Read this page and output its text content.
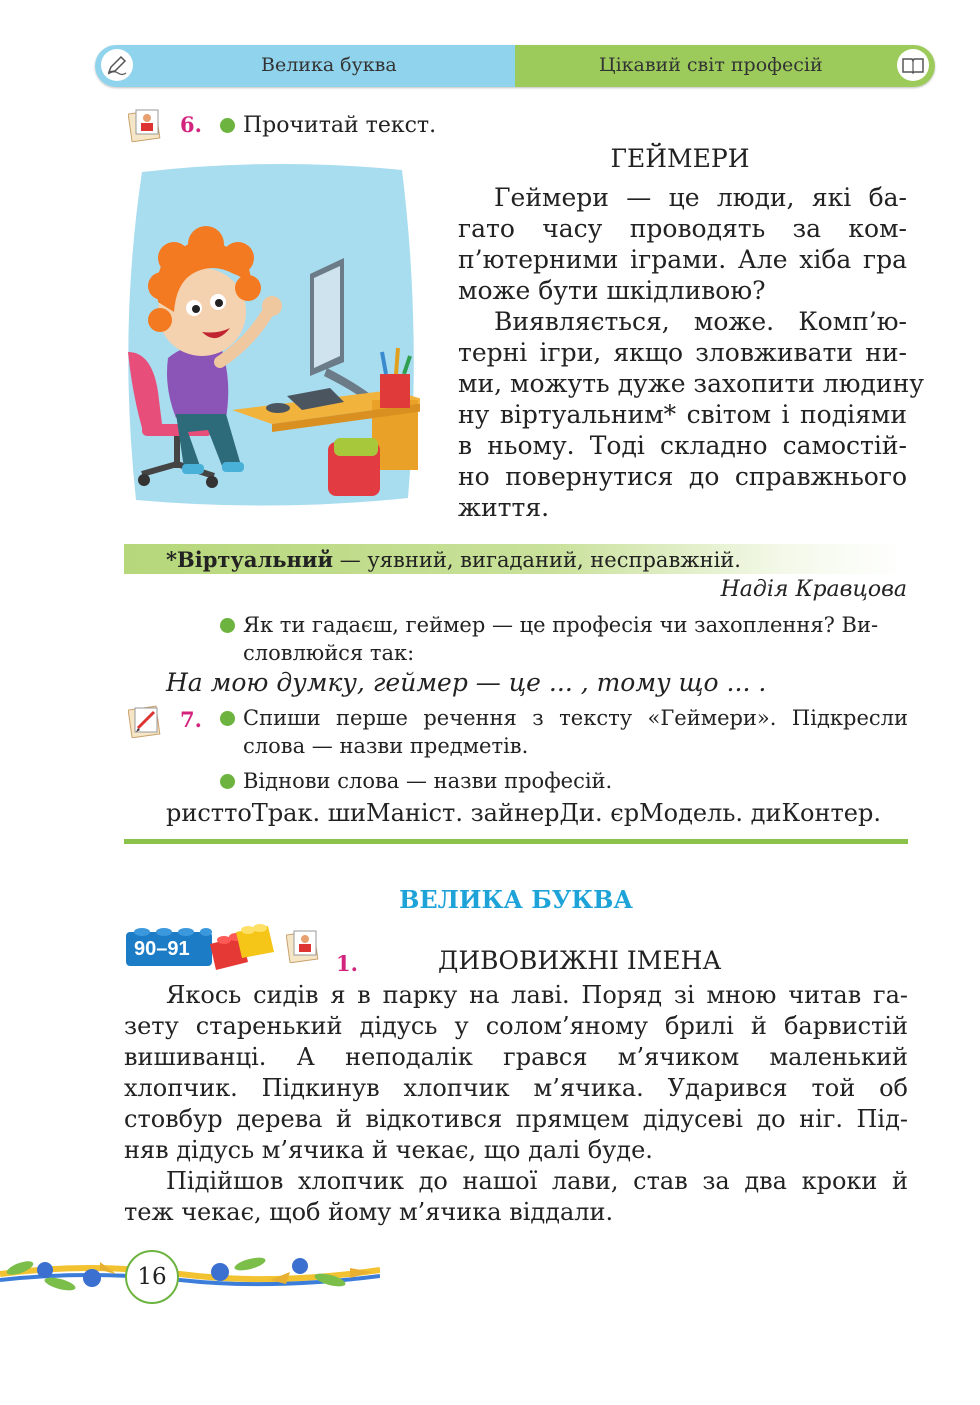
Велика буква	Цікавий світ професій
6.	Прочитай текст.
ГЕЙМЕРИ
Геймери — це люди, які ба-
гато часу проводять за ком-
п’ютерними іграми. Але хіба гра
може бути шкідливою?
Виявляється, може. Комп’ю-
терні ігри, якщо зловживати ни-
ми, можуть дуже захопити людину
ну віртуальним* світом і подіями
в ньому. Тоді складно самостій-
но повернутися до справжнього
життя.
*Віртуальний — уявний, вигаданий, несправжній.
Надія Кравцова
Як ти гадаєш, геймер — це професія чи захоплення? Ви-
словлюйся так:
На мою думку, геймер — це ... , тому що ... .
7.	Спиши перше речення з тексту «Геймери». Підкресли
слова — назви предметів.
Віднови слова — назви професій.
ристтоТрак. шиМаніст. зайнерДи. єрМодель. диКонтер.
ВЕЛИКА БУКВА
90–91
1.	ДИВОВИЖНІ ІМЕНА
Якось сидів я в парку на лаві. Поряд зі мною читав га-
зету старенький дідусь у солом’яному брилі й барвистій
вишиванці. А неподалік грався м’ячиком маленький
хлопчик. Підкинув хлопчик м’ячика. Ударився той об
стовбур дерева й відкотився прямцем дідусеві до ніг. Під-
няв дідусь м’ячика й чекає, що далі буде.
Підійшов хлопчик до нашої лави, став за два кроки й
теж чекає, щоб йому м’ячика віддали.
16
